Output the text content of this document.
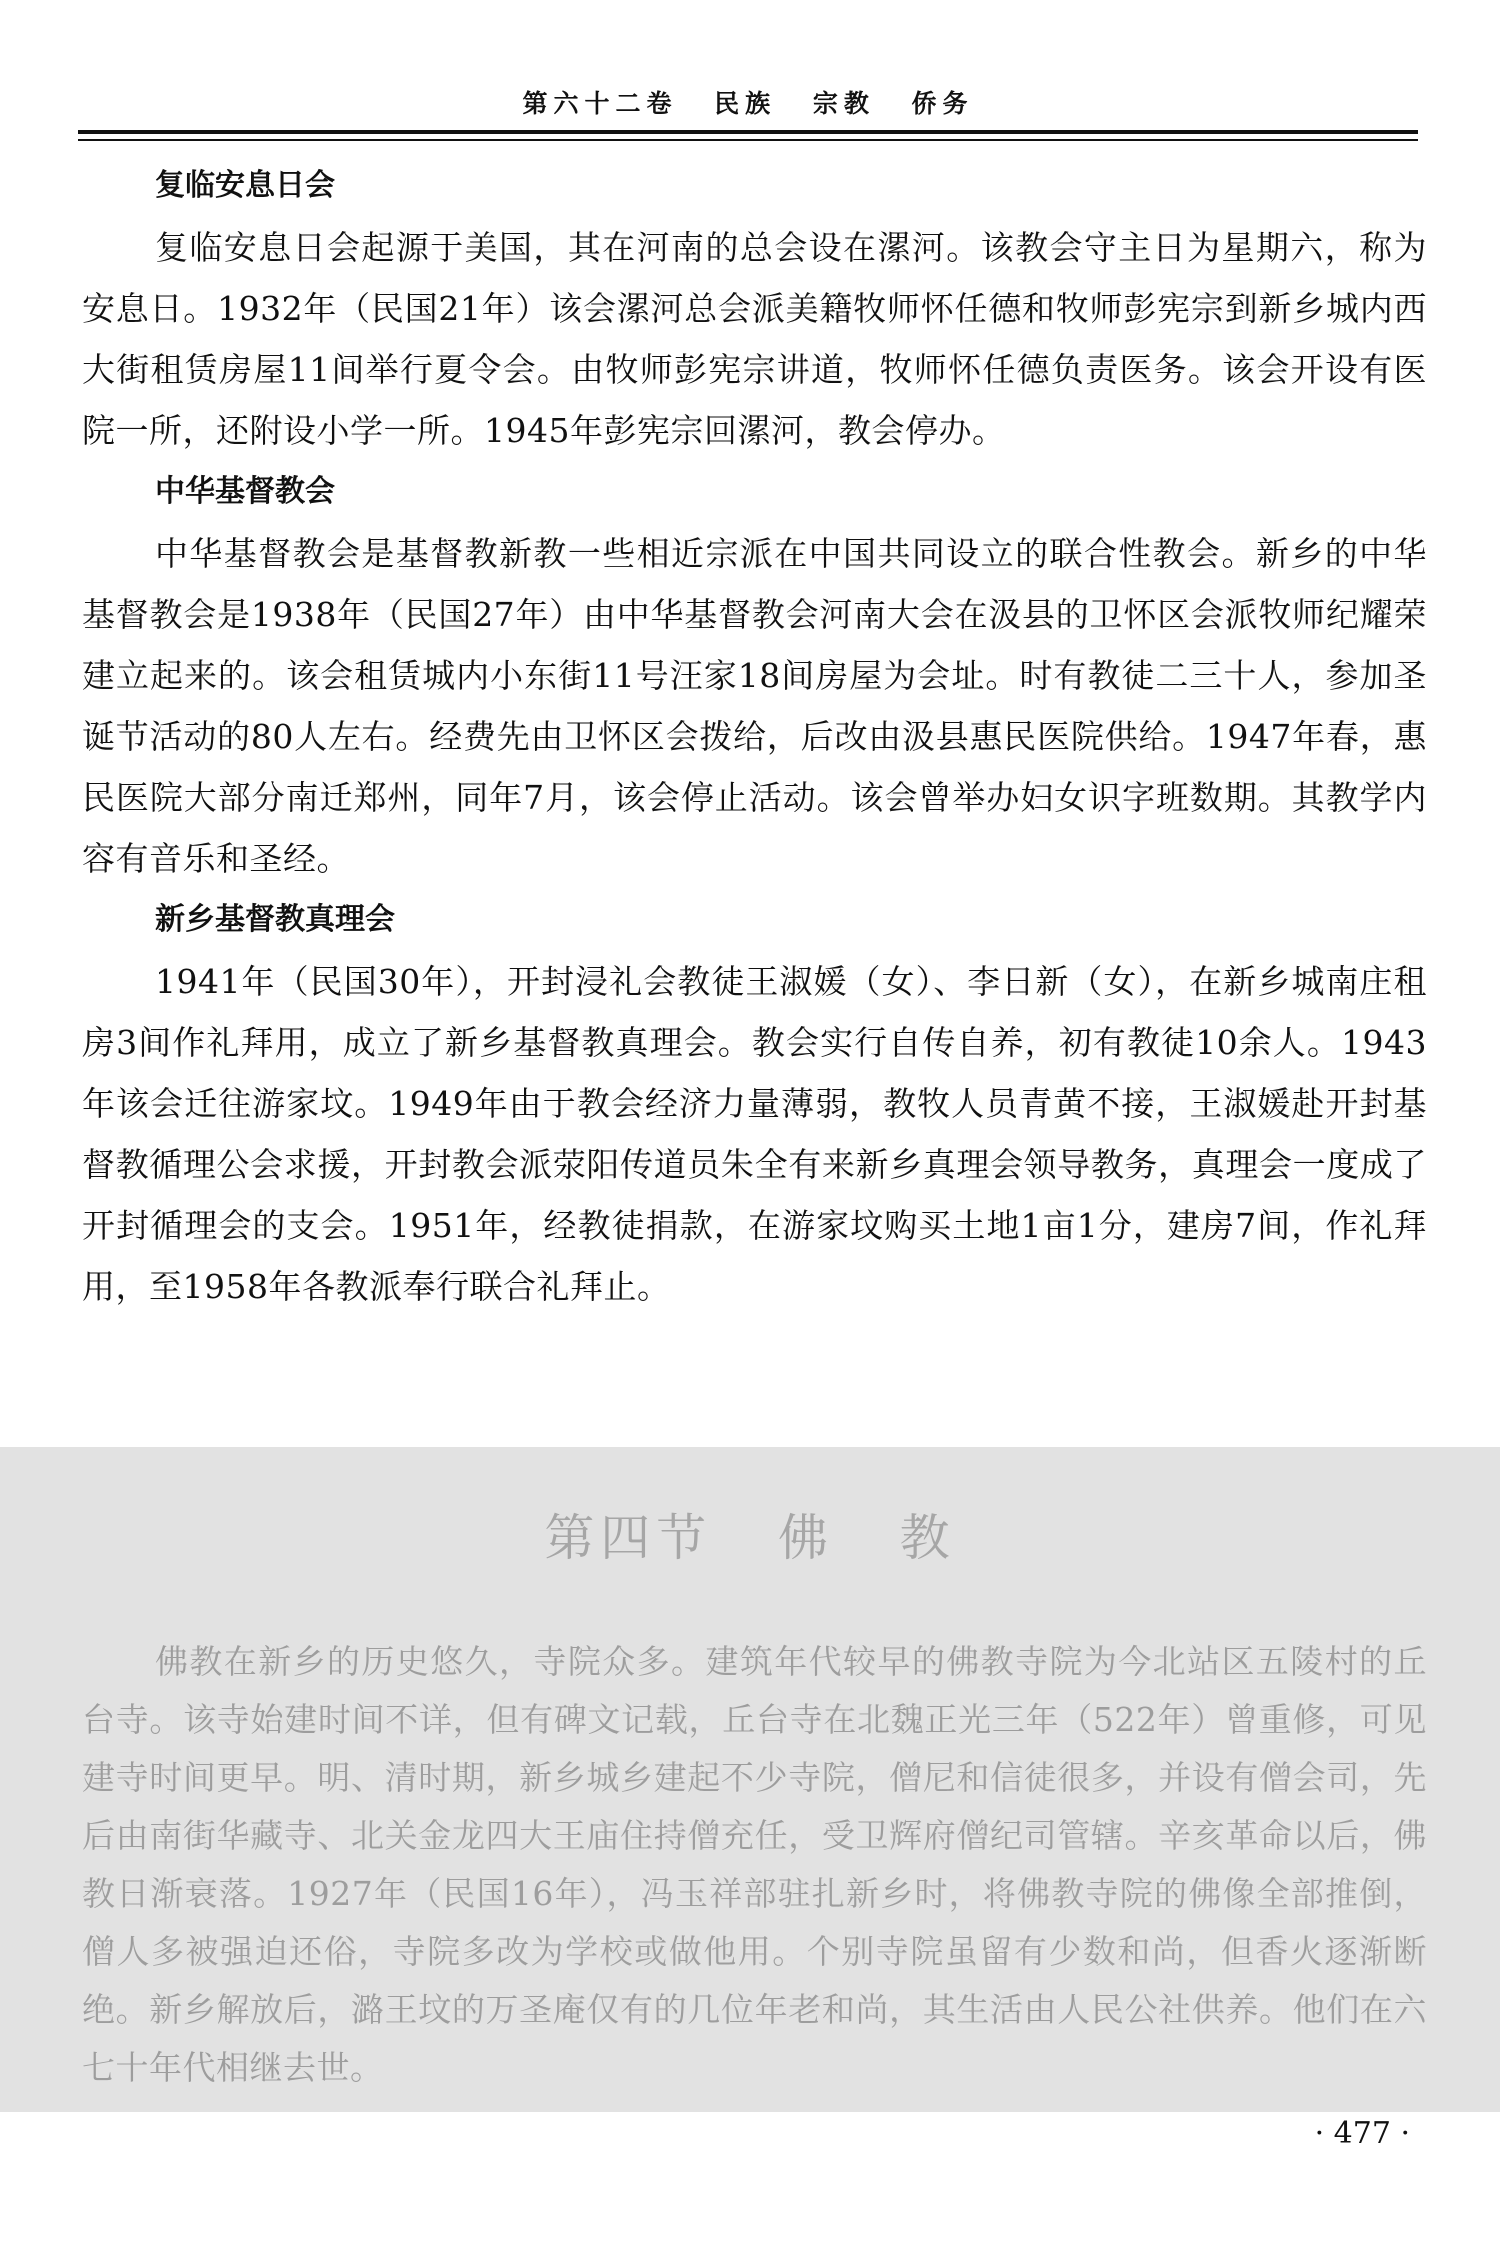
第六十二卷 民族 宗教 侨务
复临安息日会

复临安息日会起源于美国，其在河南的总会设在漯河。该教会守主日为星期六，称为安息日。1932年（民国21年）该会漯河总会派美籍牧师怀任德和牧师彭宪宗到新乡城内西大街租赁房屋11间举行夏令会。由牧师彭宪宗讲道，牧师怀任德负责医务。该会开设有医院一所，还附设小学一所。1945年彭宪宗回漯河，教会停办。

中华基督教会

中华基督教会是基督教新教一些相近宗派在中国共同设立的联合性教会。新乡的中华基督教会是1938年（民国27年）由中华基督教会河南大会在汲县的卫怀区会派牧师纪耀荣建立起来的。该会租赁城内小东街11号汪家18间房屋为会址。时有教徒二三十人，参加圣诞节活动的80人左右。经费先由卫怀区会拨给，后改由汲县惠民医院供给。1947年春，惠民医院大部分南迁郑州，同年7月，该会停止活动。该会曾举办妇女识字班数期。其教学内容有音乐和圣经。

新乡基督教真理会

1941年（民国30年），开封浸礼会教徒王淑媛（女）、李日新（女），在新乡城南庄租房3间作礼拜用，成立了新乡基督教真理会。教会实行自传自养，初有教徒10余人。1943年该会迁往游家坟。1949年由于教会经济力量薄弱，教牧人员青黄不接，王淑媛赴开封基督教循理公会求援，开封教会派荥阳传道员朱全有来新乡真理会领导教务，真理会一度成了开封循理会的支会。1951年，经教徒捐款，在游家坟购买土地1亩1分，建房7间，作礼拜用，至1958年各教派奉行联合礼拜止。

第四节   佛   教

佛教在新乡的历史悠久，寺院众多。建筑年代较早的佛教寺院为今北站区五陵村的丘台寺。该寺始建时间不详，但有碑文记载，丘台寺在北魏正光三年（522年）曾重修，可见建寺时间更早。明、清时期，新乡城乡建起不少寺院，僧尼和信徒很多，并设有僧会司，先后由南街华藏寺、北关金龙四大王庙住持僧充任，受卫辉府僧纪司管辖。辛亥革命以后，佛教日渐衰落。1927年（民国16年），冯玉祥部驻扎新乡时，将佛教寺院的佛像全部推倒，僧人多被强迫还俗，寺院多改为学校或做他用。个别寺院虽留有少数和尚，但香火逐渐断绝。新乡解放后，潞王坟的万圣庵仅有的几位年老和尚，其生活由人民公社供养。他们在六七十年代相继去世。

· 477 ·
